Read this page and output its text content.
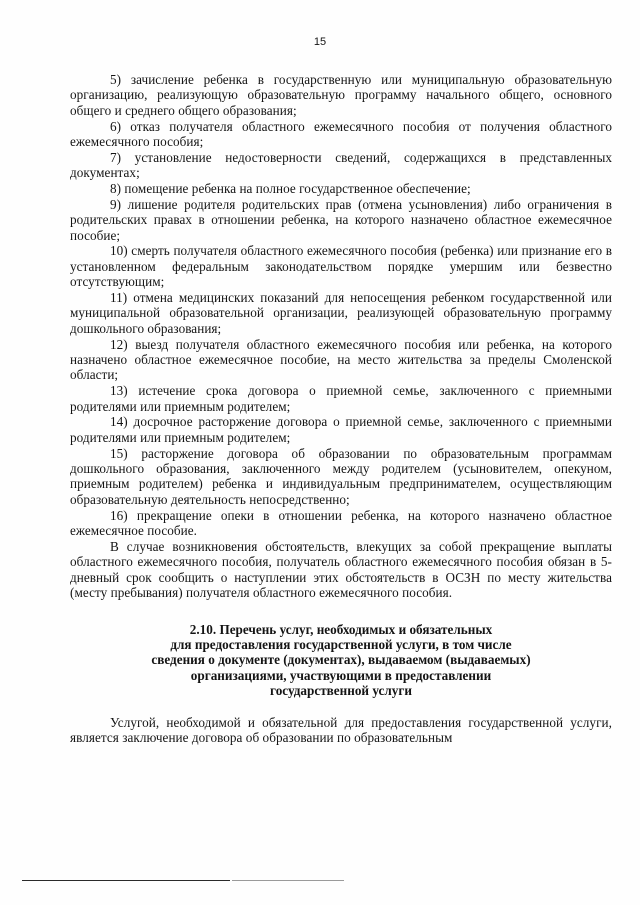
15

5) зачисление ребенка в государственную или муниципальную образовательную организацию, реализующую образовательную программу начального общего, основного общего и среднего общего образования;

6) отказ получателя областного ежемесячного пособия от получения областного ежемесячного пособия;

7) установление недостоверности сведений, содержащихся в представленных документах;

8) помещение ребенка на полное государственное обеспечение;

9) лишение родителя родительских прав (отмена усыновления) либо ограничения в родительских правах в отношении ребенка, на которого назначено областное ежемесячное пособие;

10) смерть получателя областного ежемесячного пособия (ребенка) или признание его в установленном федеральным законодательством порядке умершим или безвестно отсутствующим;

11) отмена медицинских показаний для непосещения ребенком государственной или муниципальной образовательной организации, реализующей образовательную программу дошкольного образования;

12) выезд получателя областного ежемесячного пособия или ребенка, на которого назначено областное ежемесячное пособие, на место жительства за пределы Смоленской области;

13) истечение срока договора о приемной семье, заключенного с приемными родителями или приемным родителем;

14) досрочное расторжение договора о приемной семье, заключенного с приемными родителями или приемным родителем;

15) расторжение договора об образовании по образовательным программам дошкольного образования, заключенного между родителем (усыновителем, опекуном, приемным родителем) ребенка и индивидуальным предпринимателем, осуществляющим образовательную деятельность непосредственно;

16) прекращение опеки в отношении ребенка, на которого назначено областное ежемесячное пособие.

В случае возникновения обстоятельств, влекущих за собой прекращение выплаты областного ежемесячного пособия, получатель областного ежемесячного пособия обязан в 5-дневный срок сообщить о наступлении этих обстоятельств в ОСЗН по месту жительства (месту пребывания) получателя областного ежемесячного пособия.

2.10. Перечень услуг, необходимых и обязательных
для предоставления государственной услуги, в том числе
сведения о документе (документах), выдаваемом (выдаваемых)
организациями, участвующими в предоставлении
государственной услуги

Услугой, необходимой и обязательной для предоставления государственной услуги, является заключение договора об образовании по образовательным
